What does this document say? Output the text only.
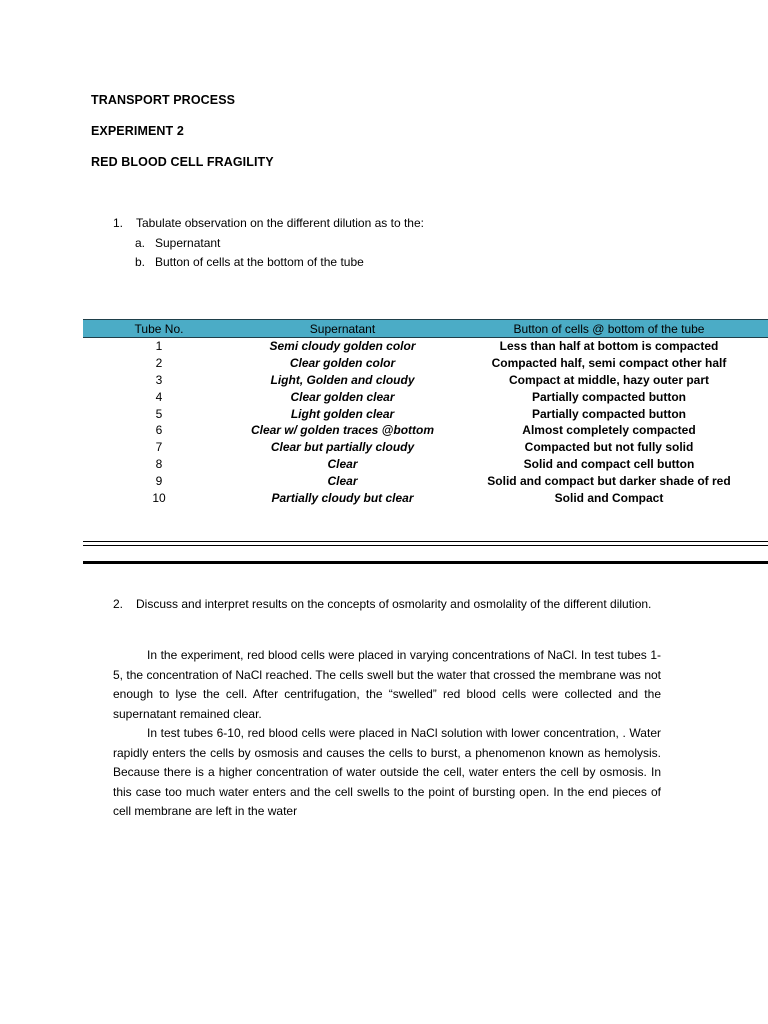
TRANSPORT PROCESS
EXPERIMENT 2
RED BLOOD CELL FRAGILITY
1.	Tabulate observation on the different dilution as to the:
a. Supernatant
b. Button of cells at the bottom of the tube
Tube No.	Supernatant	Button of cells @ bottom of the tube
1	Semi cloudy golden color	Less than half at bottom is compacted
2	Clear golden color	Compacted half, semi compact other half
3	Light, Golden and cloudy	Compact at middle, hazy outer part
4	Clear golden clear	Partially compacted button
5	Light golden clear	Partially compacted button
6	Clear w/ golden traces @bottom	Almost completely compacted
7	Clear but partially cloudy	Compacted but not fully solid
8	Clear	Solid and compact cell button
9	Clear	Solid and compact but darker shade of red
10	Partially cloudy but clear	Solid and Compact
2.	Discuss and interpret results on the concepts of osmolarity and osmolality of the different dilution.
In the experiment, red blood cells were placed in varying concentrations of NaCl. In test tubes 1-5, the concentration of NaCl reached. The cells swell but the water that crossed the membrane was not enough to lyse the cell. After centrifugation, the “swelled” red blood cells were collected and the supernatant remained clear.
In test tubes 6-10, red blood cells were placed in NaCl solution with lower concentration, . Water rapidly enters the cells by osmosis and causes the cells to burst, a phenomenon known as hemolysis. Because there is a higher concentration of water outside the cell, water enters the cell by osmosis. In this case too much water enters and the cell swells to the point of bursting open. In the end pieces of cell membrane are left in the water
